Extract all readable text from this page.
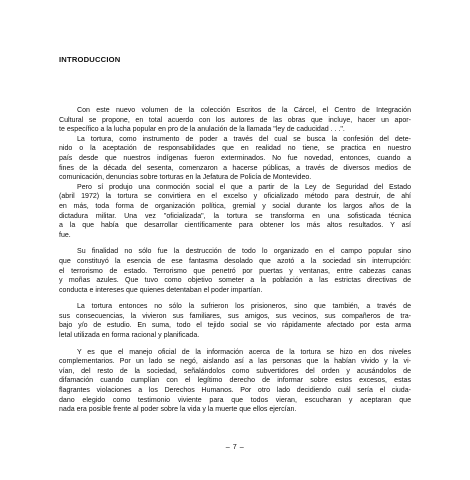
INTRODUCCION
Con este nuevo volumen de la colección Escritos de la Cárcel, el Centro de Integración
Cultural se propone, en total acuerdo con los autores de las obras que incluye, hacer un apor-
te específico a la lucha popular en pro de la anulación de la llamada "ley de caducidad . . .".
La tortura, como instrumento de poder a través del cual se busca la confesión del dete-
nido o la aceptación de responsabilidades que en realidad no tiene, se practica en nuestro
país desde que nuestros indígenas fueron exterminados. No fue novedad, entonces, cuando a
fines de la década del sesenta, comenzaron a hacerse públicas, a través de diversos medios de
comunicación, denuncias sobre torturas en la Jefatura de Policía de Montevideo.
Pero sí produjo una conmoción social el que a partir de la Ley de Seguridad del Estado
(abril 1972) la tortura se convirtiera en el excelso y oficializado método para destruir, de ahí
en más, toda forma de organización política, gremial y social durante los largos años de la
dictadura militar. Una vez "oficializada", la tortura se transforma en una sofisticada técnica
a la que había que desarrollar científicamente para obtener los más altos resultados. Y así
fue.
Su finalidad no sólo fue la destrucción de todo lo organizado en el campo popular sino
que constituyó la esencia de ese fantasma desolado que azotó a la sociedad sin interrupción:
el terrorismo de estado. Terrorismo que penetró por puertas y ventanas, entre cabezas canas
y moñas azules. Que tuvo como objetivo someter a la población a las estrictas directivas de
conducta e intereses que quienes detentaban el poder impartían.
La tortura entonces no sólo la sufrieron los prisioneros, sino que también, a través de
sus consecuencias, la vivieron sus familiares, sus amigos, sus vecinos, sus compañeros de tra-
bajo y/o de estudio. En suma, todo el tejido social se vio rápidamente afectado por esta arma
letal utilizada en forma racional y planificada.
Y es que el manejo oficial de la información acerca de la tortura se hizo en dos niveles
complementarios. Por un lado se negó, aislando así a las personas que la habían vivido y la vi-
vían, del resto de la sociedad, señalándolos como subvertidores del orden y acusándolos de
difamación cuando cumplían con el legítimo derecho de informar sobre estos excesos, estas
flagrantes violaciones a los Derechos Humanos. Por otro lado decidiendo cuál sería el ciuda-
dano elegido como testimonio viviente para que todos vieran, escucharan y aceptaran que
nada era posible frente al poder sobre la vida y la muerte que ellos ejercían.
– 7 –
